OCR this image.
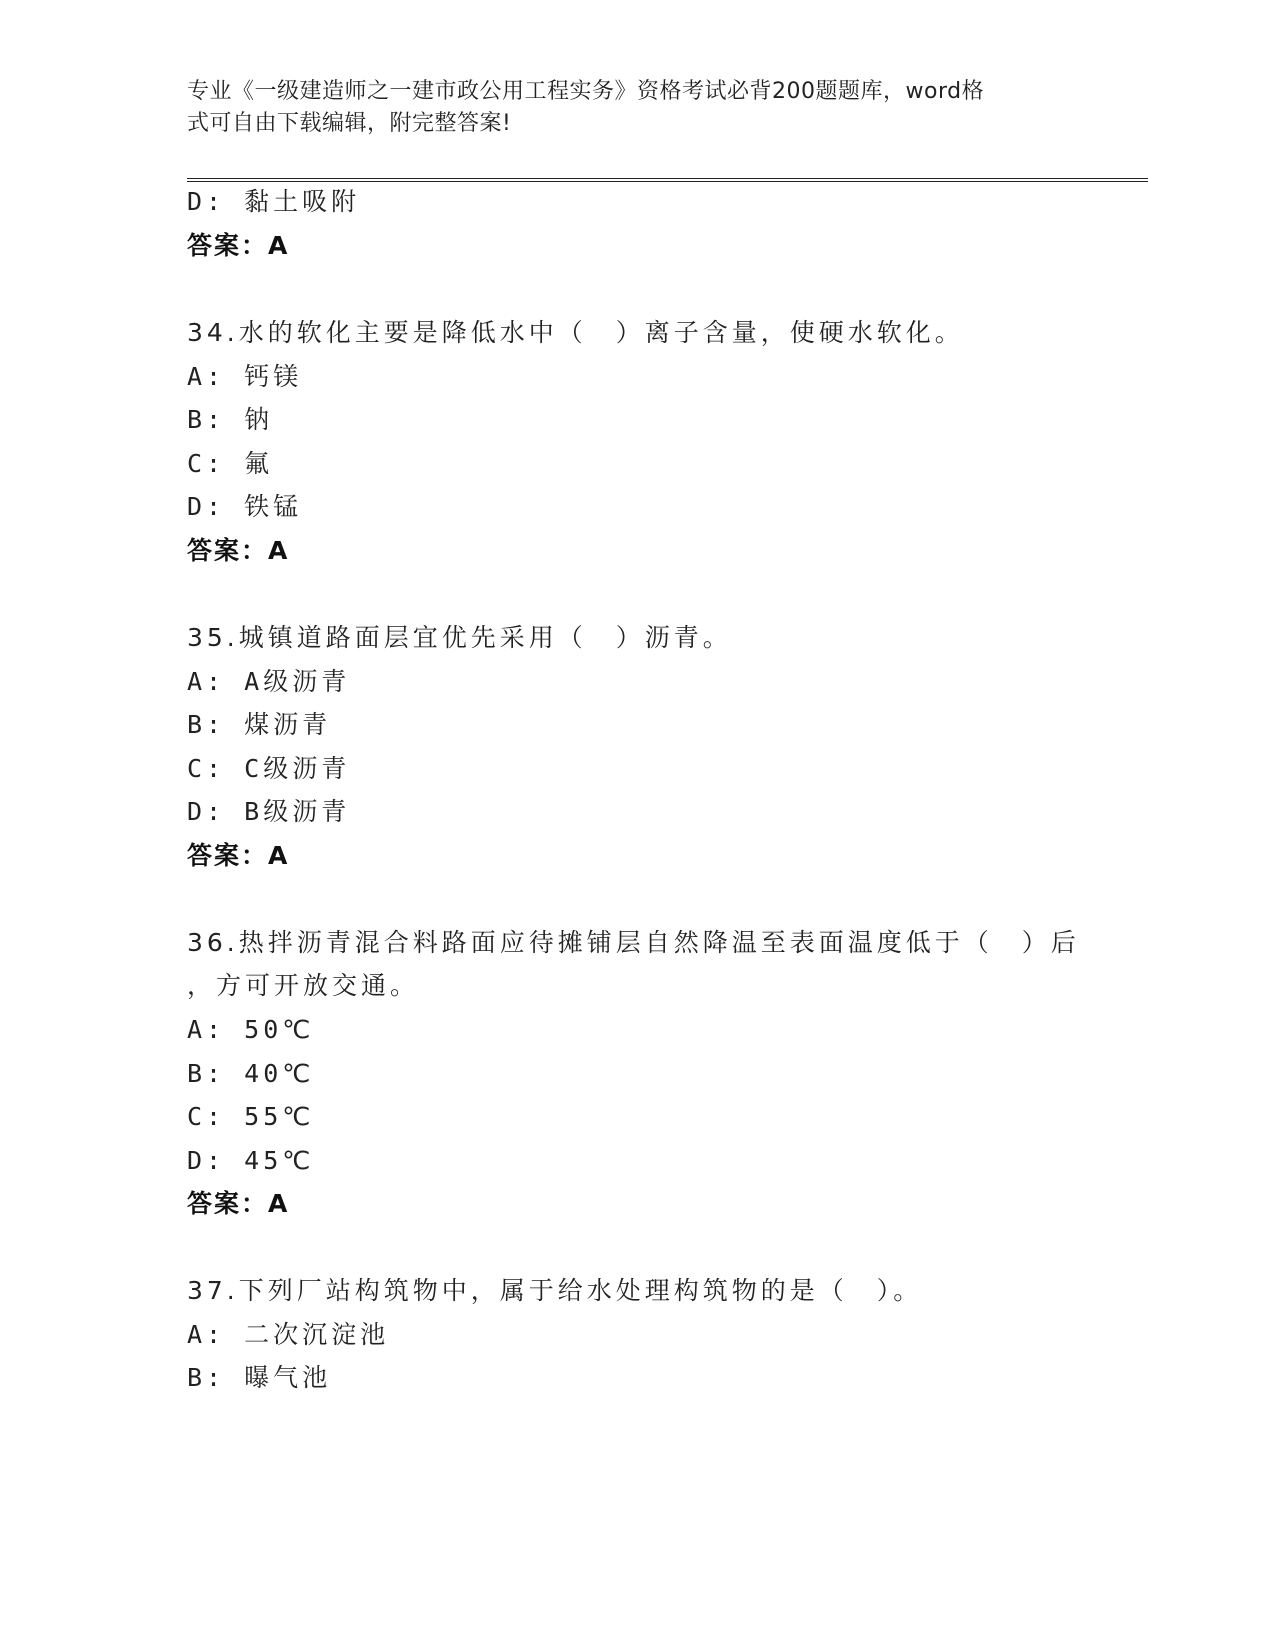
专业《一级建造师之一建市政公用工程实务》资格考试必背200题题库，word格
式可自由下载编辑，附完整答案!
D: 黏土吸附
答案：A
34.水的软化主要是降低水中（　）离子含量，使硬水软化。
A: 钙镁
B: 钠
C: 氟
D: 铁锰
答案：A
35.城镇道路面层宜优先采用（　）沥青。
A: A级沥青
B: 煤沥青
C: C级沥青
D: B级沥青
答案：A
36.热拌沥青混合料路面应待摊铺层自然降温至表面温度低于（　）后
，方可开放交通。
A: 50℃
B: 40℃
C: 55℃
D: 45℃
答案：A
37.下列厂站构筑物中，属于给水处理构筑物的是（　）。
A: 二次沉淀池
B: 曝气池
